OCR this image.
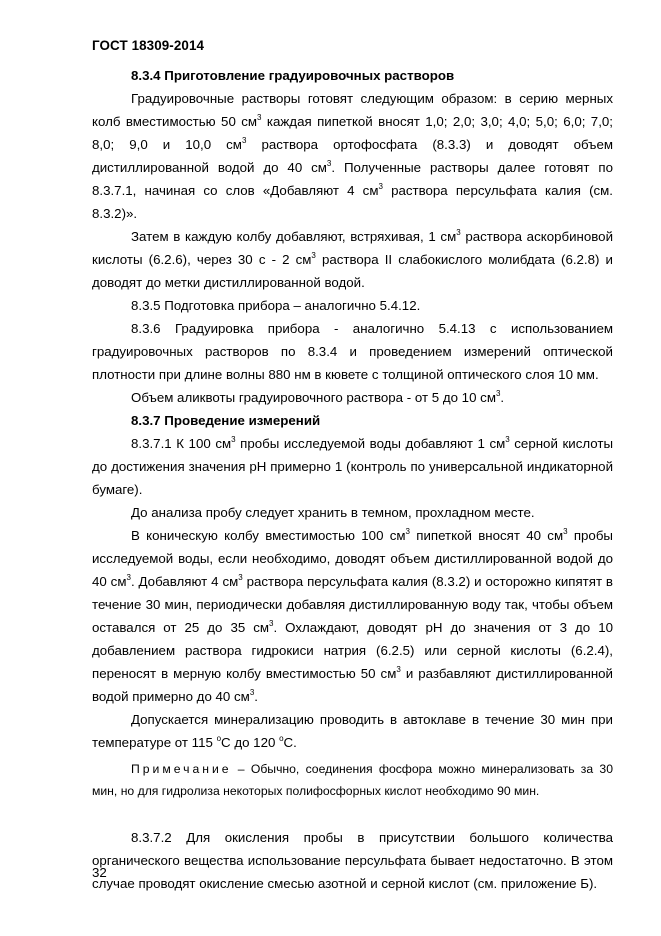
ГОСТ 18309-2014

8.3.4 Приготовление градуировочных растворов

Градуировочные растворы готовят следующим образом: в серию мерных колб вместимостью 50 $см^3$ каждая пипеткой вносят 1,0; 2,0; 3,0; 4,0; 5,0; 6,0; 7,0; 8,0; 9,0 и 10,0 $см^3$ раствора ортофосфата (8.3.3) и доводят объем дистиллированной водой до 40 $см^3$. Полученные растворы далее готовят по 8.3.7.1, начиная со слов «Добавляют 4 $см^3$ раствора персульфата калия (см. 8.3.2)».

Затем в каждую колбу добавляют, встряхивая, 1 $см^3$ раствора аскорбиновой кислоты (6.2.6), через 30 с - 2 $см^3$ раствора II слабокислого молибдата (6.2.8) и доводят до метки дистиллированной водой.

8.3.5 Подготовка прибора – аналогично 5.4.12.

8.3.6 Градуировка прибора - аналогично 5.4.13 с использованием градуировочных растворов по 8.3.4 и проведением измерений оптической плотности при длине волны 880 нм в кювете с толщиной оптического слоя 10 мм.

Объем аликвоты градуировочного раствора - от 5 до 10 $см^3$.

8.3.7 Проведение измерений

8.3.7.1 К 100 $см^3$ пробы исследуемой воды добавляют 1 $см^3$ серной кислоты до достижения значения pH примерно 1 (контроль по универсальной индикаторной бумаге).

До анализа пробу следует хранить в темном, прохладном месте.

В коническую колбу вместимостью 100 $см^3$ пипеткой вносят 40 $см^3$ пробы исследуемой воды, если необходимо, доводят объем дистиллированной водой до 40 $см^3$. Добавляют 4 $см^3$ раствора персульфата калия (8.3.2) и осторожно кипятят в течение 30 мин, периодически добавляя дистиллированную воду так, чтобы объем оставался от 25 до 35 $см^3$. Охлаждают, доводят pH до значения от 3 до 10 добавлением раствора гидрокиси натрия (6.2.5) или серной кислоты (6.2.4), переносят в мерную колбу вместимостью 50 $см^3$ и разбавляют дистиллированной водой примерно до 40 $см^3$.

Допускается минерализацию проводить в автоклаве в течение 30 мин при температуре от 115 $^o$С до 120 $^o$С.

Примечание – Обычно, соединения фосфора можно минерализовать за 30 мин, но для гидролиза некоторых полифосфорных кислот необходимо 90 мин.

8.3.7.2 Для окисления пробы в присутствии большого количества органического вещества использование персульфата бывает недостаточно. В этом случае проводят окисление смесью азотной и серной кислот (см. приложение Б).

32
